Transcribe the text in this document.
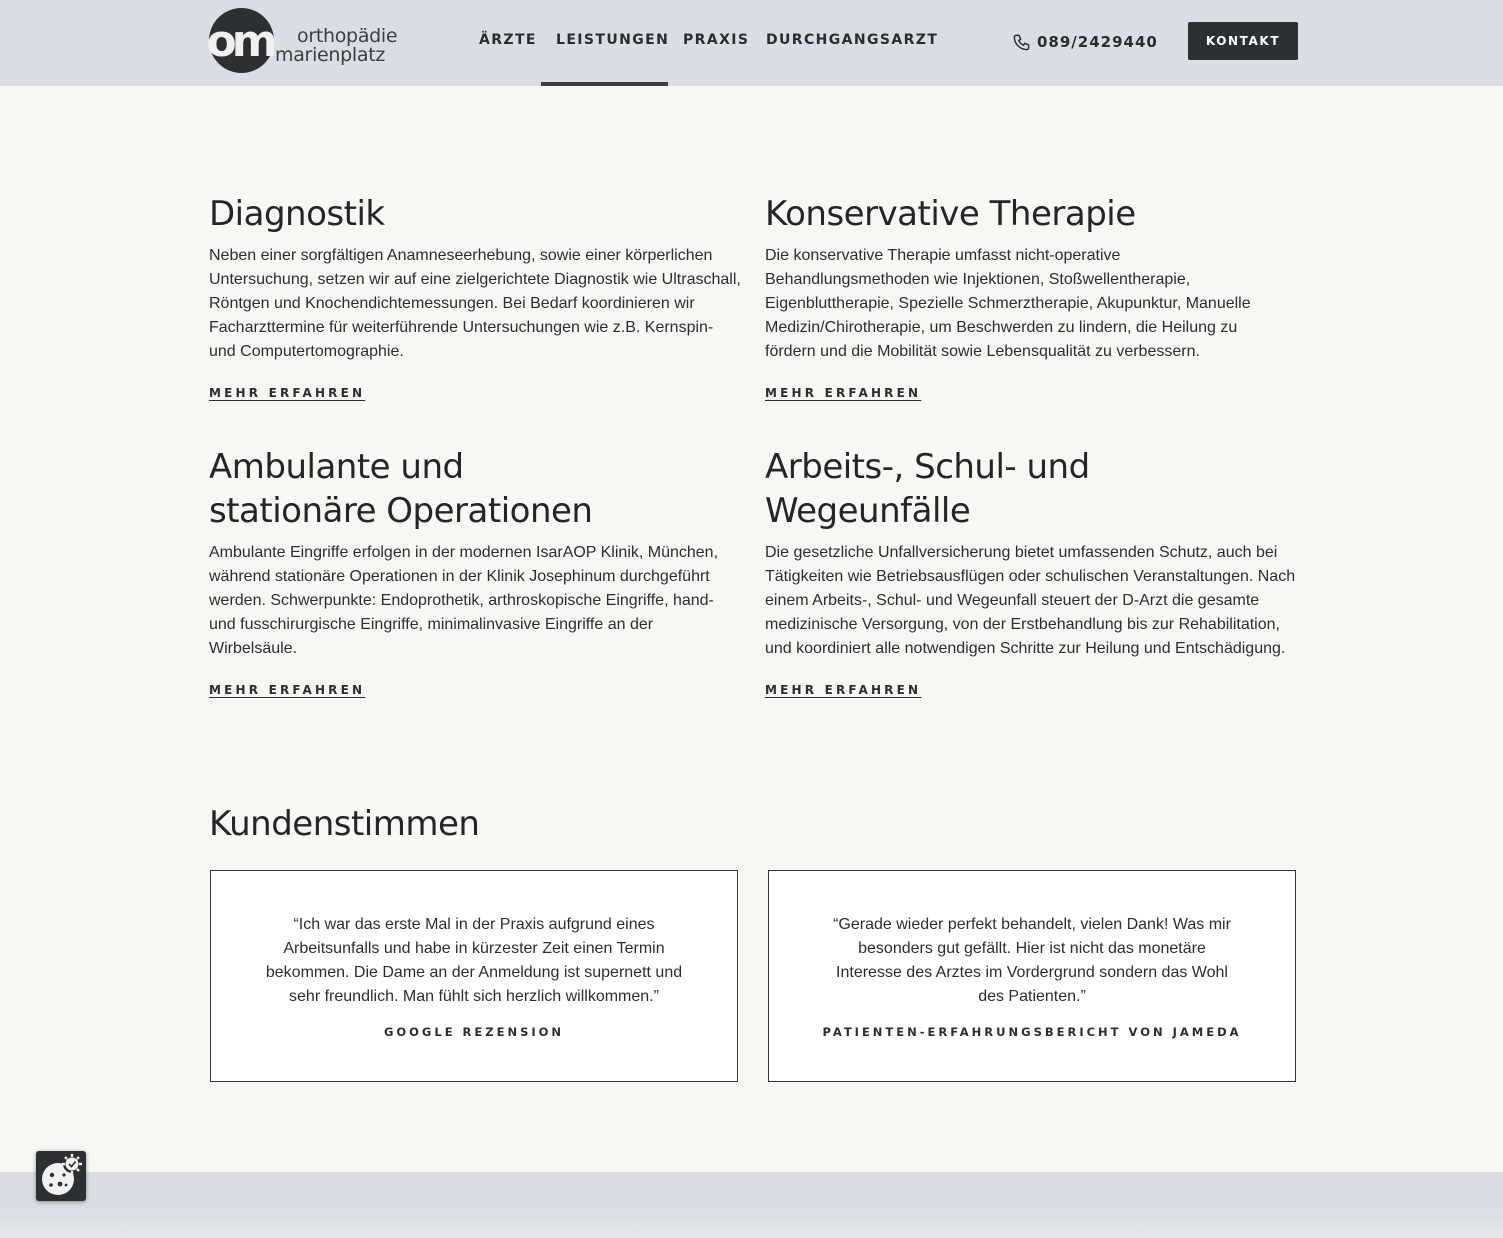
om	orthopädie
marienplatz
ÄRZTE LEISTUNGEN PRAXIS DURCHGANGSARZT	089/2429440	KONTAKT
Diagnostik

Neben einer sorgfältigen Anamneseerhebung, sowie einer körperlichen Untersuchung, setzen wir auf eine zielgerichtete Diagnostik wie Ultraschall, Röntgen und Knochendichtemessungen. Bei Bedarf koordinieren wir Facharzttermine für weiterführende Untersuchungen wie z.B. Kernspin- und Computertomographie.

MEHR ERFAHREN
Konservative Therapie

Die konservative Therapie umfasst nicht-operative Behandlungsmethoden wie Injektionen, Stoßwellentherapie, Eigenbluttherapie, Spezielle Schmerztherapie, Akupunktur, Manuelle Medizin/Chirotherapie, um Beschwerden zu lindern, die Heilung zu fördern und die Mobilität sowie Lebensqualität zu verbessern.

MEHR ERFAHREN
Ambulante und stationäre Operationen

Ambulante Eingriffe erfolgen in der modernen IsarAOP Klinik, München, während stationäre Operationen in der Klinik Josephinum durchgeführt werden. Schwerpunkte: Endoprothetik, arthroskopische Eingriffe, hand- und fusschirurgische Eingriffe, minimalinvasive Eingriffe an der Wirbelsäule.

MEHR ERFAHREN
Arbeits-, Schul- und Wegeunfälle

Die gesetzliche Unfallversicherung bietet umfassenden Schutz, auch bei Tätigkeiten wie Betriebsausflügen oder schulischen Veranstaltungen. Nach einem Arbeits-, Schul- und Wegeunfall steuert der D-Arzt die gesamte medizinische Versorgung, von der Erstbehandlung bis zur Rehabilitation, und koordiniert alle notwendigen Schritte zur Heilung und Entschädigung.

MEHR ERFAHREN
Kundenstimmen

“Ich war das erste Mal in der Praxis aufgrund eines Arbeitsunfalls und habe in kürzester Zeit einen Termin bekommen. Die Dame an der Anmeldung ist supernett und sehr freundlich. Man fühlt sich herzlich willkommen.”

GOOGLE REZENSION

“Gerade wieder perfekt behandelt, vielen Dank! Was mir besonders gut gefällt. Hier ist nicht das monetäre Interesse des Arztes im Vordergrund sondern das Wohl des Patienten.”

PATIENTEN-ERFAHRUNGSBERICHT VON JAMEDA
